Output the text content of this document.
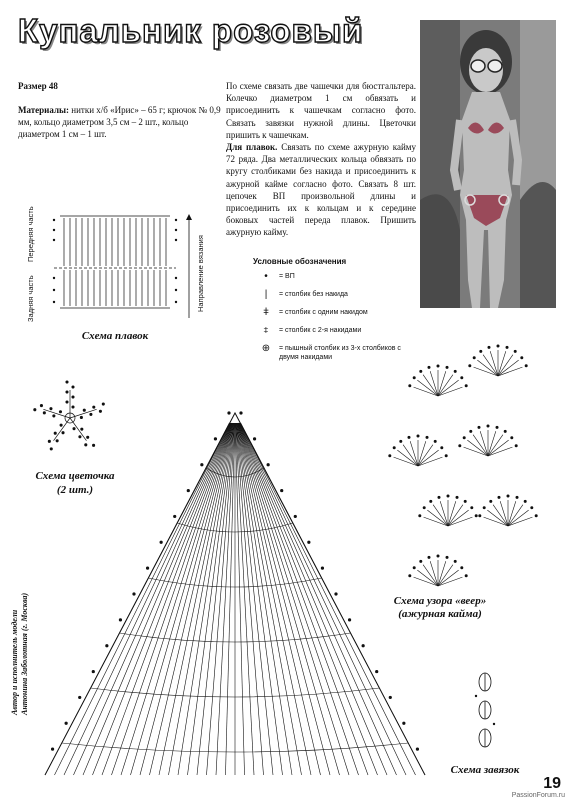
Купальник розовый
Размер 48
Материалы: нитки х/б «Ирис» – 65 г; крючок № 0,9 мм, кольцо диаметром 3,5 см – 2 шт., кольцо диаметром 1 см – 1 шт.
По схеме связать две чашечки для бюстгальтера. Колечко диаметром 1 см обвязать и присоединить к чашечкам согласно фото. Связать завязки нужной длины. Цветочки пришить к чашечкам.
Для плавок. Связать по схеме ажурную кайму 72 ряда. Два металлических кольца обвязать по кругу столбиками без накида и присоединить к ажурной кайме согласно фото. Связать 8 шт. цепочек ВП произвольной длины и присоединить их к кольцам и к середине боковых частей переда плавок. Пришить ажурную кайму.
Условные обозначения
•	= ВП
|	= столбик без накида
ǂ	= столбик с одним накидом
⧧	= столбик с 2-я накидами
⊕	= пышный столбик из 3-х столбиков с двумя накидами
Передняя часть
Задняя часть	Направление вязания
Схема плавок
Схема цветочка
(2 шт.)
Схема узора «веер»
(ажурная кайма)
Схема завязок
Автор и исполнитель модели Антонина Заболотная (г. Москва)
19
PassionForum.ru
